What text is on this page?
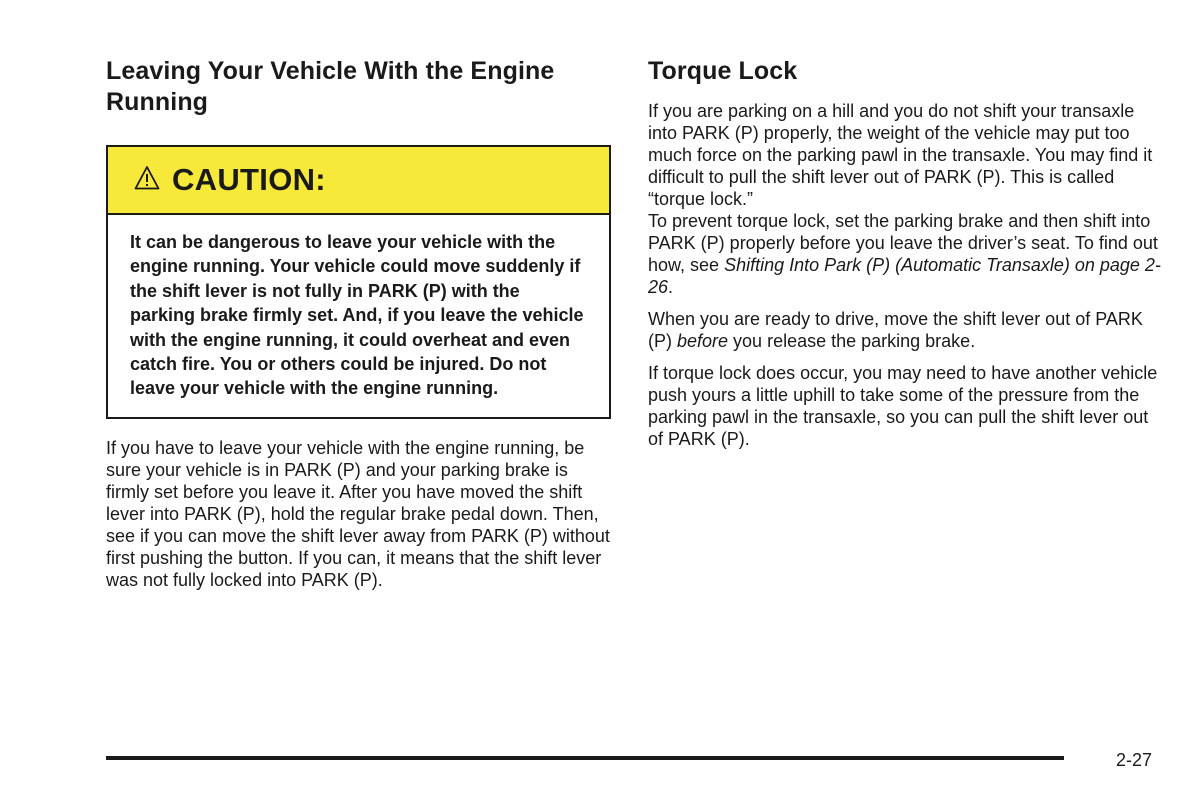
Leaving Your Vehicle With the Engine Running
CAUTION:
It can be dangerous to leave your vehicle with the engine running. Your vehicle could move suddenly if the shift lever is not fully in PARK (P) with the parking brake firmly set. And, if you leave the vehicle with the engine running, it could overheat and even catch fire. You or others could be injured. Do not leave your vehicle with the engine running.

If you have to leave your vehicle with the engine running, be sure your vehicle is in PARK (P) and your parking brake is firmly set before you leave it. After you have moved the shift lever into PARK (P), hold the regular brake pedal down. Then, see if you can move the shift lever away from PARK (P) without first pushing the button. If you can, it means that the shift lever was not fully locked into PARK (P).

Torque Lock

If you are parking on a hill and you do not shift your transaxle into PARK (P) properly, the weight of the vehicle may put too much force on the parking pawl in the transaxle. You may find it difficult to pull the shift lever out of PARK (P). This is called “torque lock.”

To prevent torque lock, set the parking brake and then shift into PARK (P) properly before you leave the driver’s seat. To find out how, see Shifting Into Park (P) (Automatic Transaxle) on page 2-26.

When you are ready to drive, move the shift lever out of PARK (P) before you release the parking brake.

If torque lock does occur, you may need to have another vehicle push yours a little uphill to take some of the pressure from the parking pawl in the transaxle, so you can pull the shift lever out of PARK (P).

2-27
